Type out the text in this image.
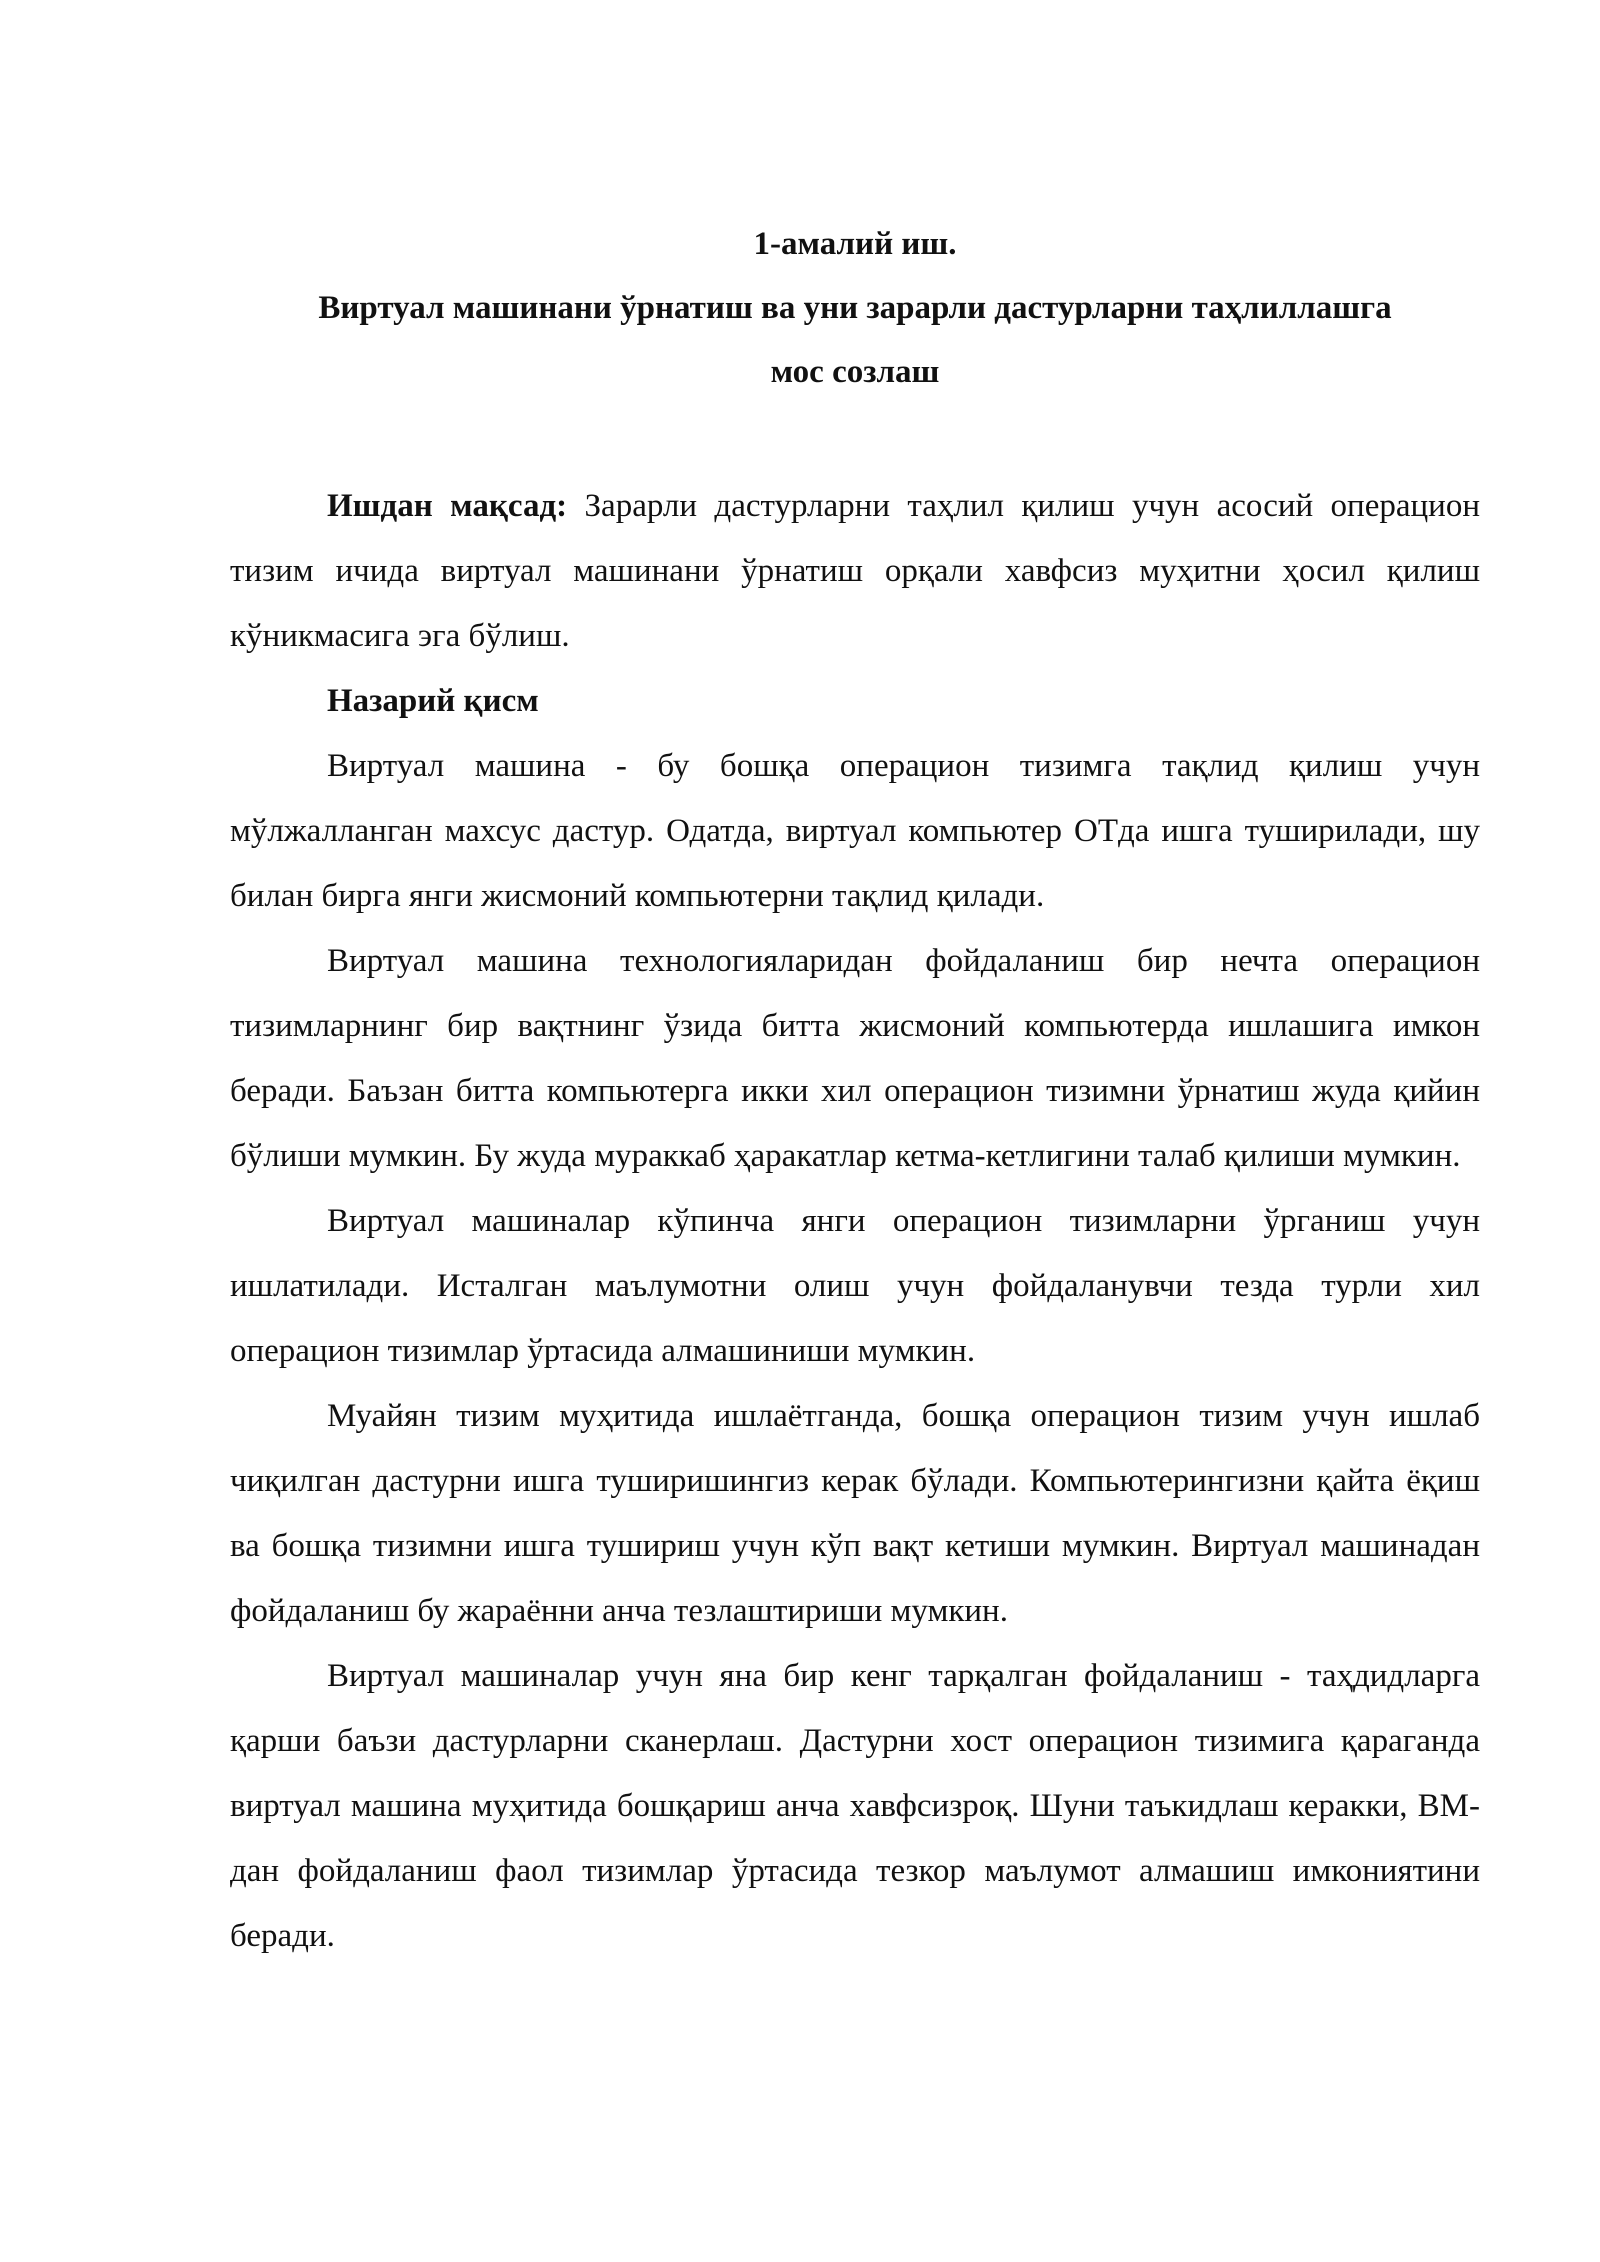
1-амалий иш.
Виртуал машинани ўрнатиш ва уни зарарли дастурларни таҳлиллашга
мос созлаш

Ишдан мақсад: Зарарли дастурларни таҳлил қилиш учун асосий операцион тизим ичида виртуал машинани ўрнатиш орқали хавфсиз муҳитни ҳосил қилиш кўникмасига эга бўлиш.

Назарий қисм

Виртуал машина - бу бошқа операцион тизимга тақлид қилиш учун мўлжалланган махсус дастур. Одатда, виртуал компьютер ОТда ишга туширилади, шу билан бирга янги жисмоний компьютерни тақлид қилади.

Виртуал машина технологияларидан фойдаланиш бир нечта операцион тизимларнинг бир вақтнинг ўзида битта жисмоний компьютерда ишлашига имкон беради. Баъзан битта компьютерга икки хил операцион тизимни ўрнатиш жуда қийин бўлиши мумкин. Бу жуда мураккаб ҳаракатлар кетма-кетлигини талаб қилиши мумкин.

Виртуал машиналар кўпинча янги операцион тизимларни ўрганиш учун ишлатилади. Исталган маълумотни олиш учун фойдаланувчи тезда турли хил операцион тизимлар ўртасида алмашиниши мумкин.

Муайян тизим муҳитида ишлаётганда, бошқа операцион тизим учун ишлаб чиқилган дастурни ишга туширишингиз керак бўлади. Компьютерингизни қайта ёқиш ва бошқа тизимни ишга тушириш учун кўп вақт кетиши мумкин. Виртуал машинадан фойдаланиш бу жараённи анча тезлаштириши мумкин.

Виртуал машиналар учун яна бир кенг тарқалган фойдаланиш - таҳдидларга қарши баъзи дастурларни сканерлаш. Дастурни хост операцион тизимига қараганда виртуал машина муҳитида бошқариш анча хавфсизроқ. Шуни таъкидлаш керакки, ВМ-дан фойдаланиш фаол тизимлар ўртасида тезкор маълумот алмашиш имкониятини беради.
